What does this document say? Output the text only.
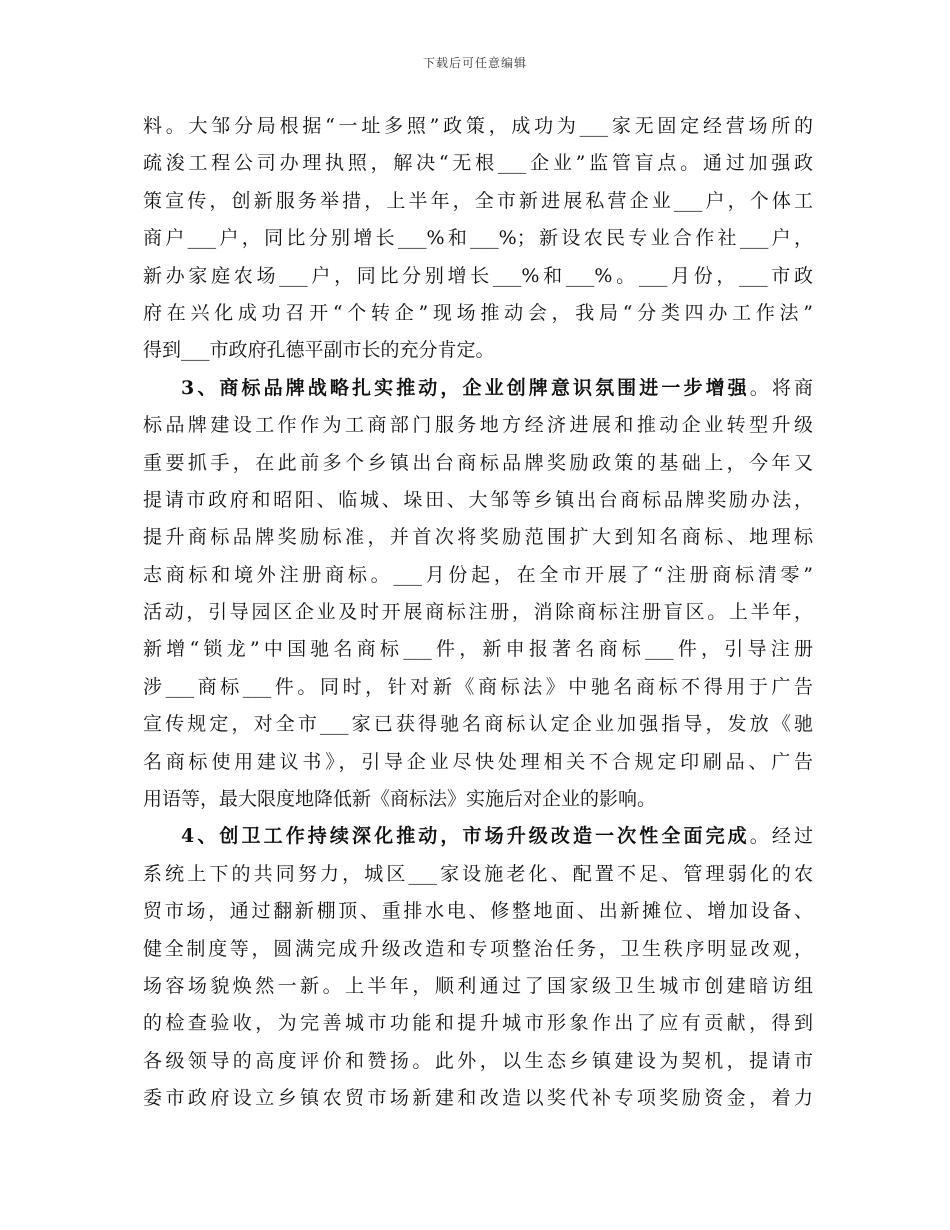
下载后可任意编辑
料。大邹分局根据“一址多照”政策，成功为___家无固定经营场所的
疏浚工程公司办理执照，解决“无根___企业”监管盲点。通过加强政
策宣传，创新服务举措，上半年，全市新进展私营企业___户，个体工
商户___户，同比分别增长___%和___%；新设农民专业合作社___户，
新办家庭农场___户，同比分别增长___%和___%。___月份，___市政
府在兴化成功召开“个转企”现场推动会，我局“分类四办工作法”
得到___市政府孔德平副市长的充分肯定。
3、商标品牌战略扎实推动，企业创牌意识氛围进一步增强。将商
标品牌建设工作作为工商部门服务地方经济进展和推动企业转型升级
重要抓手，在此前多个乡镇出台商标品牌奖励政策的基础上，今年又
提请市政府和昭阳、临城、垛田、大邹等乡镇出台商标品牌奖励办法，
提升商标品牌奖励标准，并首次将奖励范围扩大到知名商标、地理标
志商标和境外注册商标。___月份起，在全市开展了“注册商标清零”
活动，引导园区企业及时开展商标注册，消除商标注册盲区。上半年，
新增“锁龙”中国驰名商标___件，新申报著名商标___件，引导注册
涉___商标___件。同时，针对新《商标法》中驰名商标不得用于广告
宣传规定，对全市___家已获得驰名商标认定企业加强指导，发放《驰
名商标使用建议书》，引导企业尽快处理相关不合规定印刷品、广告
用语等，最大限度地降低新《商标法》实施后对企业的影响。
4、创卫工作持续深化推动，市场升级改造一次性全面完成。经过
系统上下的共同努力，城区___家设施老化、配置不足、管理弱化的农
贸市场，通过翻新棚顶、重排水电、修整地面、出新摊位、增加设备、
健全制度等，圆满完成升级改造和专项整治任务，卫生秩序明显改观，
场容场貌焕然一新。上半年，顺利通过了国家级卫生城市创建暗访组
的检查验收，为完善城市功能和提升城市形象作出了应有贡献，得到
各级领导的高度评价和赞扬。此外，以生态乡镇建设为契机，提请市
委市政府设立乡镇农贸市场新建和改造以奖代补专项奖励资金，着力
